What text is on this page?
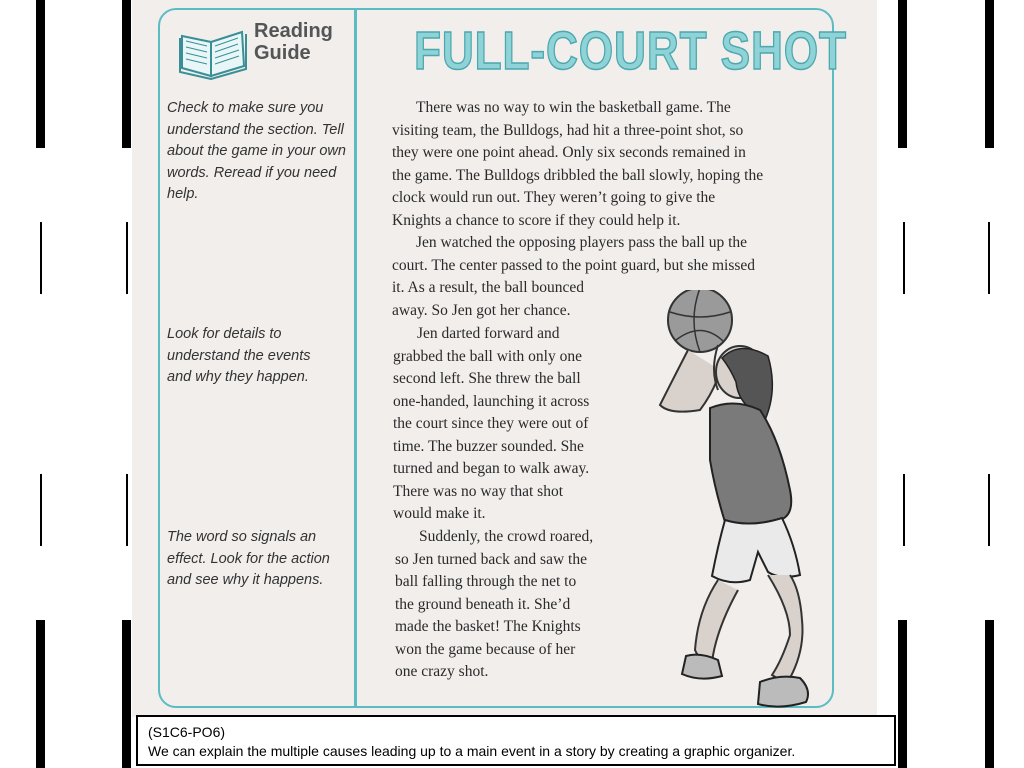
Reading
Guide
Check to make sure you understand the section. Tell about the game in your own words. Reread if you need help.
Look for details to understand the events and why they happen.
The word so signals an effect. Look for the action and see why it happens.
FULL-COURT SHOT

There was no way to win the basketball game. The

visiting team, the Bulldogs, had hit a three-point shot, so
they were one point ahead. Only six seconds remained in
the game. The Bulldogs dribbled the ball slowly, hoping the
clock would run out. They weren’t going to give the
Knights a chance to score if they could help it.

Jen watched the opposing players pass the ball up the

court. The center passed to the point guard, but she missed
it. As a result, the ball bounced
away. So Jen got her chance.

Jen darted forward and

grabbed the ball with only one
second left. She threw the ball
one-handed, launching it across
the court since they were out of
time. The buzzer sounded. She
turned and began to walk away.
There was no way that shot
would make it.

Suddenly, the crowd roared,

so Jen turned back and saw the
ball falling through the net to
the ground beneath it. She’d
made the basket! The Knights
won the game because of her
one crazy shot.
(S1C6-PO6)
We can explain the multiple causes leading up to a main event in a story by creating a graphic organizer.
